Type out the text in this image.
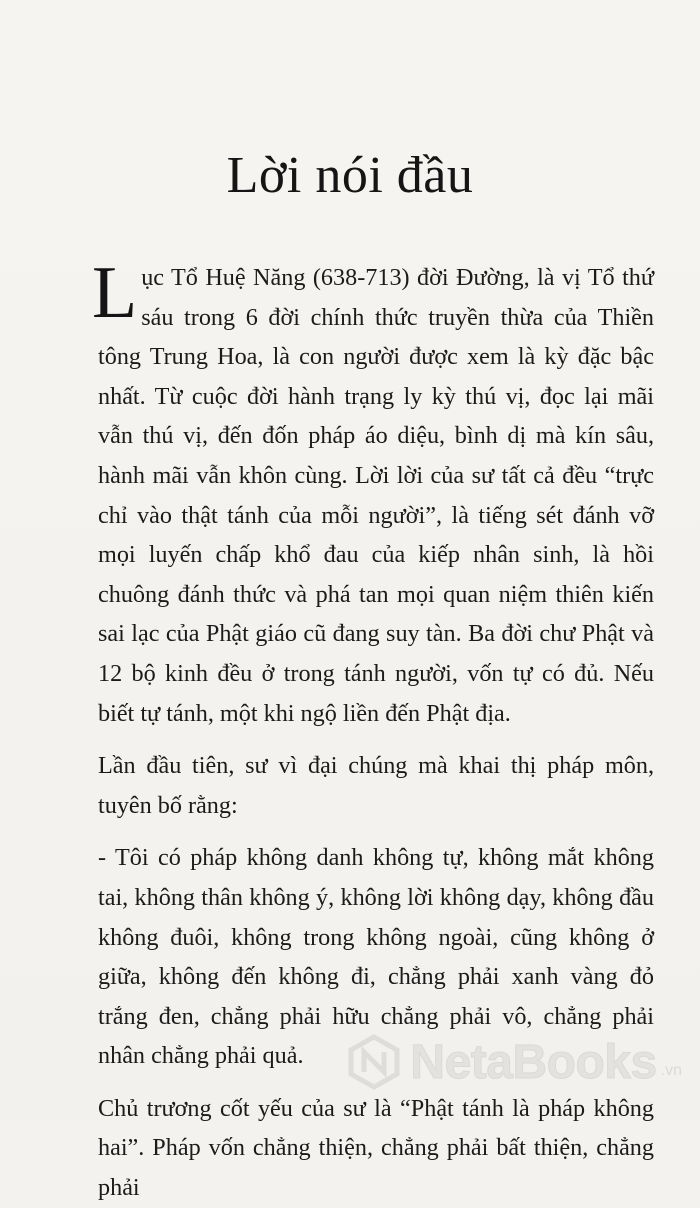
Lời nói đầu

Lục Tổ Huệ Năng (638-713) đời Đường, là vị Tổ thứ sáu trong 6 đời chính thức truyền thừa của Thiền tông Trung Hoa, là con người được xem là kỳ đặc bậc nhất. Từ cuộc đời hành trạng ly kỳ thú vị, đọc lại mãi vẫn thú vị, đến đốn pháp áo diệu, bình dị mà kín sâu, hành mãi vẫn khôn cùng. Lời lời của sư tất cả đều “trực chỉ vào thật tánh của mỗi người”, là tiếng sét đánh vỡ mọi luyến chấp khổ đau của kiếp nhân sinh, là hồi chuông đánh thức và phá tan mọi quan niệm thiên kiến sai lạc của Phật giáo cũ đang suy tàn. Ba đời chư Phật và 12 bộ kinh đều ở trong tánh người, vốn tự có đủ. Nếu biết tự tánh, một khi ngộ liền đến Phật địa.

Lần đầu tiên, sư vì đại chúng mà khai thị pháp môn, tuyên bố rằng:

- Tôi có pháp không danh không tự, không mắt không tai, không thân không ý, không lời không dạy, không đầu không đuôi, không trong không ngoài, cũng không ở giữa, không đến không đi, chẳng phải xanh vàng đỏ trắng đen, chẳng phải hữu chẳng phải vô, chẳng phải nhân chẳng phải quả.

Chủ trương cốt yếu của sư là “Phật tánh là pháp không hai”. Pháp vốn chẳng thiện, chẳng phải bất thiện, chẳng phải

NetaBooks .vn
